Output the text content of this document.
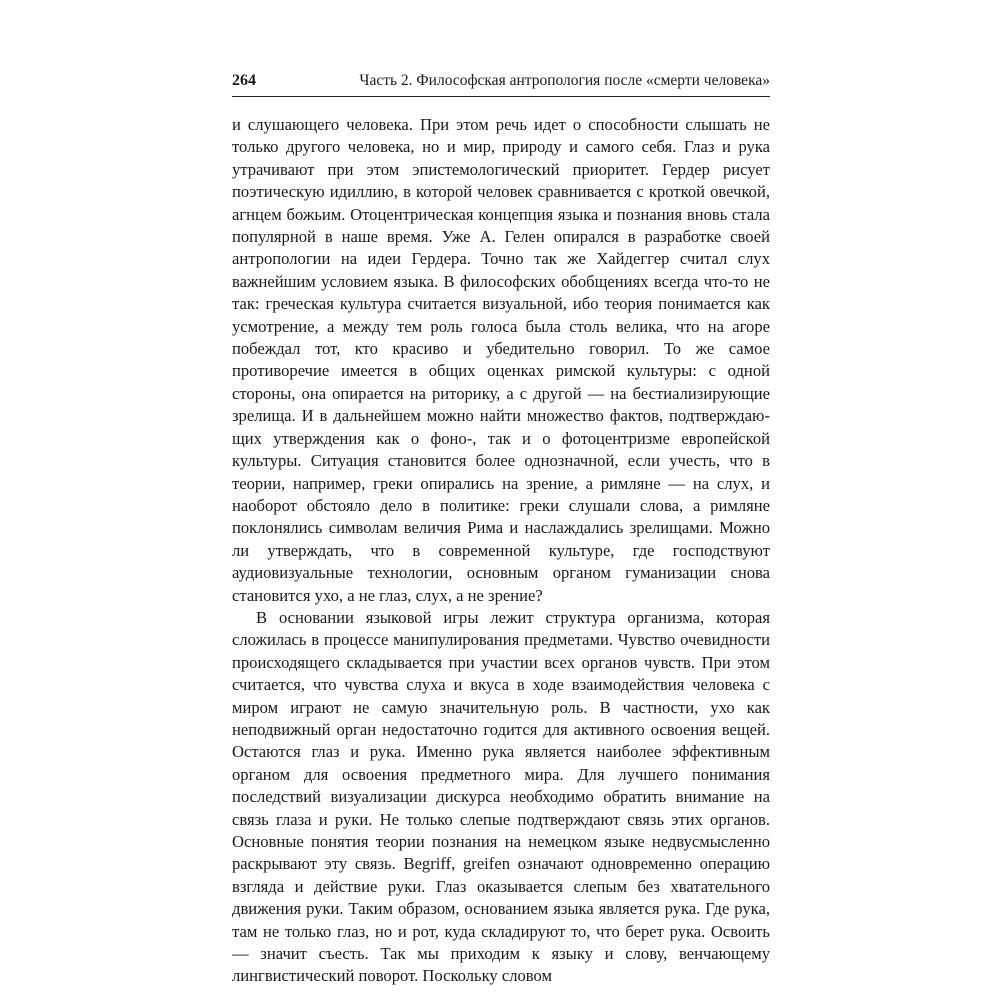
264	Часть 2. Философская антропология после «смерти человека»

и слушающего человека. При этом речь идет о способности слышать не только другого человека, но и мир, природу и самого себя. Глаз и рука утрачивают при этом эпистемологический приоритет. Гердер рисует поэтическую идиллию, в которой человек сравнивается с кроткой овечкой, агнцем божьим. Отоцентрическая концепция языка и познания вновь стала популярной в наше время. Уже А. Гелен опирался в разработке своей антропологии на идеи Гердера. Точно так же Хайдеггер считал слух важнейшим условием языка. В философских обобщениях всегда что-то не так: греческая культура считается визуальной, ибо теория понимается как усмотрение, а между тем роль голоса была столь велика, что на агоре побеждал тот, кто красиво и убедительно говорил. То же самое противоречие имеется в общих оценках римской культуры: с одной стороны, она опирается на риторику, а с другой — на бестиализирующие зрелища. И в дальнейшем можно найти множество фактов, подтверждающих утверждения как о фоно-, так и о фотоцентризме европейской культуры. Ситуация становится более однозначной, если учесть, что в теории, например, греки опирались на зрение, а римляне — на слух, и наоборот обстояло дело в политике: греки слушали слова, а римляне поклонялись символам величия Рима и наслаждались зрелищами. Можно ли утверждать, что в современной культуре, где господствуют аудиовизуальные технологии, основным органом гуманизации снова становится ухо, а не глаз, слух, а не зрение?

В основании языковой игры лежит структура организма, которая сложилась в процессе манипулирования предметами. Чувство очевидности происходящего складывается при участии всех органов чувств. При этом считается, что чувства слуха и вкуса в ходе взаимодействия человека с миром играют не самую значительную роль. В частности, ухо как неподвижный орган недостаточно годится для активного освоения вещей. Остаются глаз и рука. Именно рука является наиболее эффективным органом для освоения предметного мира. Для лучшего понимания последствий визуализации дискурса необходимо обратить внимание на связь глаза и руки. Не только слепые подтверждают связь этих органов. Основные понятия теории познания на немецком языке недвусмысленно раскрывают эту связь. Begriff, greifen означают одновременно операцию взгляда и действие руки. Глаз оказывается слепым без хватательного движения руки. Таким образом, основанием языка является рука. Где рука, там не только глаз, но и рот, куда складируют то, что берет рука. Освоить — значит съесть. Так мы приходим к языку и слову, венчающему лингвистический поворот. Поскольку словом
